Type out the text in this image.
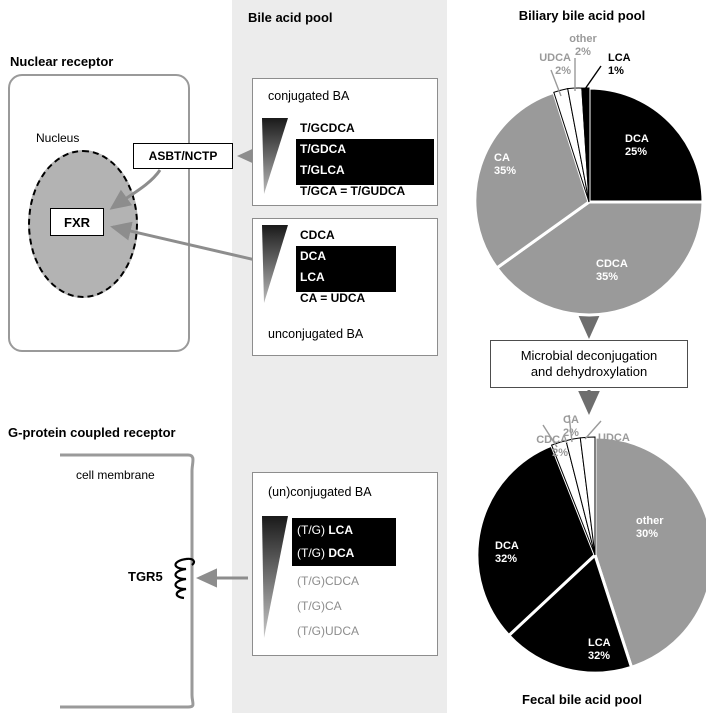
Bile acid pool
Nuclear receptor
Nucleus
FXR
ASBT/NCTP
conjugated BA
T/GCDCA
T/GDCA
T/GLCA
T/GCA = T/GUDCA
unconjugated BA
CDCA
DCA
LCA
CA = UDCA
G-protein coupled receptor
cell membrane
TGR5
(un)conjugated BA
(T/G) LCA
(T/G) DCA
(T/G)CDCA
(T/G)CA
(T/G)UDCA
Biliary bile acid pool
UDCA
2%
other
2%
LCA
1%
DCA
25%
CDCA
35%
CA
35%
Microbial deconjugation
and dehydroxylation
CDCA
2%
CA
2%	UDCA
2%
other
30%
LCA
32%
DCA
32%
Fecal bile acid pool
